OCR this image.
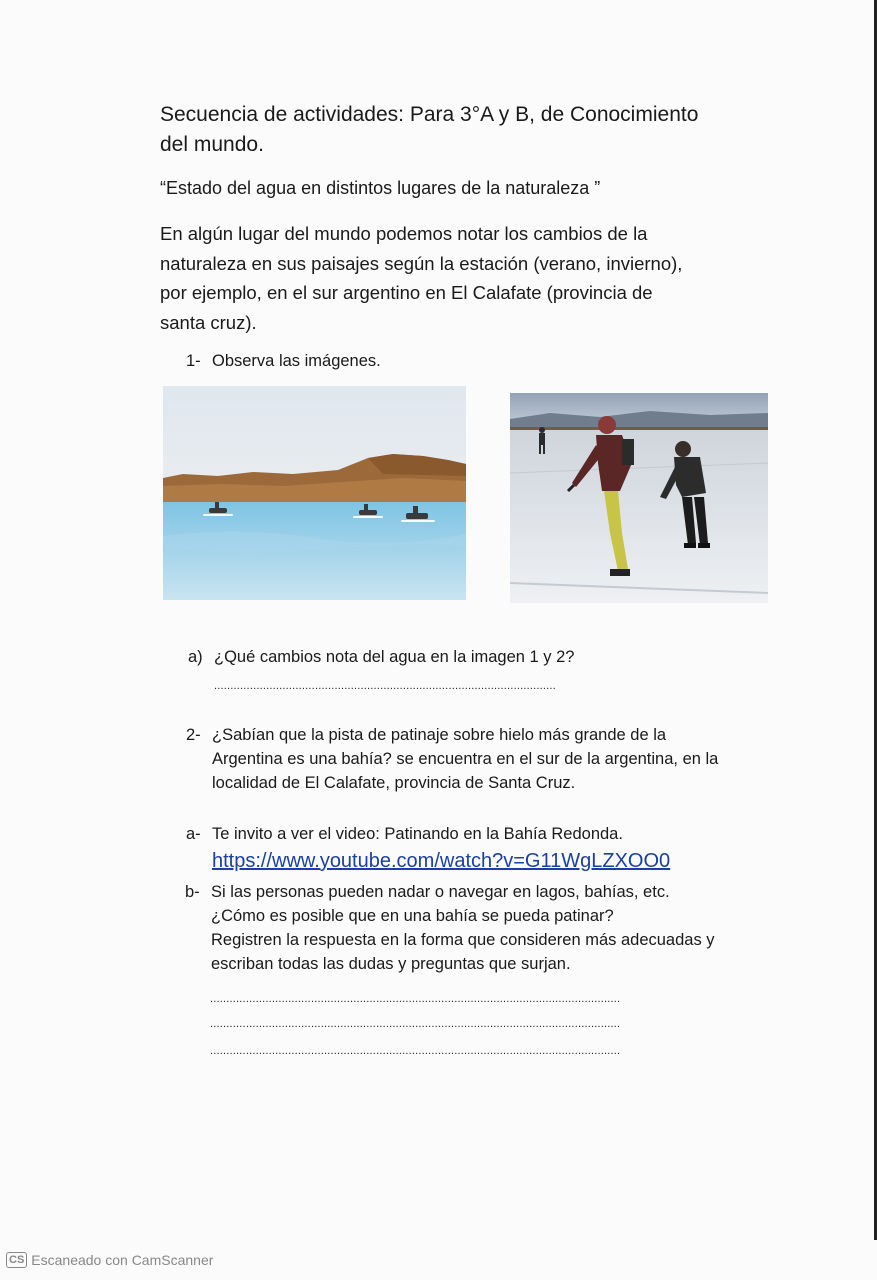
Secuencia de actividades: Para 3°A y B, de Conocimiento
del mundo.
“Estado del agua en distintos lugares de la naturaleza ”
En algún lugar del mundo podemos notar los cambios de la
naturaleza en sus paisajes según la estación (verano, invierno),
por ejemplo, en el sur argentino en El Calafate (provincia de
santa cruz).
1- Observa las imágenes.
a) ¿Qué cambios nota del agua en la imagen 1 y 2?
.........................................................................................................
2- ¿Sabían que la pista de patinaje sobre hielo más grande de la
Argentina es una bahía? se encuentra en el sur de la argentina, en la
localidad de El Calafate, provincia de Santa Cruz.
a- Te invito a ver el video: Patinando en la Bahía Redonda.
https://www.youtube.com/watch?v=G11WgLZXOO0
b- Si las personas pueden nadar o navegar en lagos, bahías, etc.
¿Cómo es posible que en una bahía se pueda patinar?
Registren la respuesta en la forma que consideren más adecuadas y
escriban todas las dudas y preguntas que surjan.
..............................................................................................................................
..............................................................................................................................
..............................................................................................................................
CS Escaneado con CamScanner
